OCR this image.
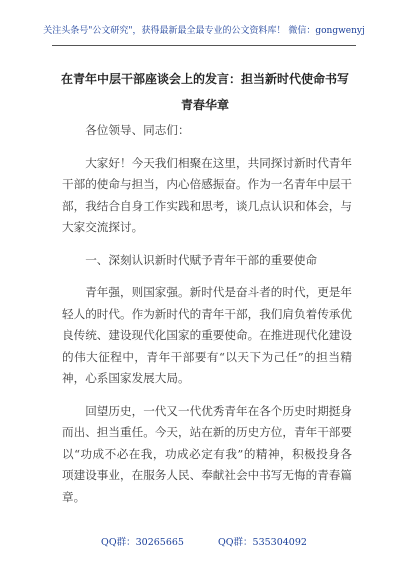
关注头条号"公文研究"，获得最新最全最专业的公文资料库！ 微信：gongwenyj
在青年中层干部座谈会上的发言：担当新时代使命书写青春华章

各位领导、同志们：

大家好！今天我们相聚在这里，共同探讨新时代青年干部的使命与担当，内心倍感振奋。作为一名青年中层干部，我结合自身工作实践和思考，谈几点认识和体会，与大家交流探讨。

一、深刻认识新时代赋予青年干部的重要使命

青年强，则国家强。新时代是奋斗者的时代，更是年轻人的时代。作为新时代的青年干部，我们肩负着传承优良传统、建设现代化国家的重要使命。在推进现代化建设的伟大征程中，青年干部要有“以天下为己任”的担当精神，心系国家发展大局。

回望历史，一代又一代优秀青年在各个历史时期挺身而出、担当重任。今天，站在新的历史方位，青年干部要以“功成不必在我，功成必定有我”的精神，积极投身各项建设事业，在服务人民、奉献社会中书写无悔的青春篇章。

QQ群：30265665	QQ群：535304092
